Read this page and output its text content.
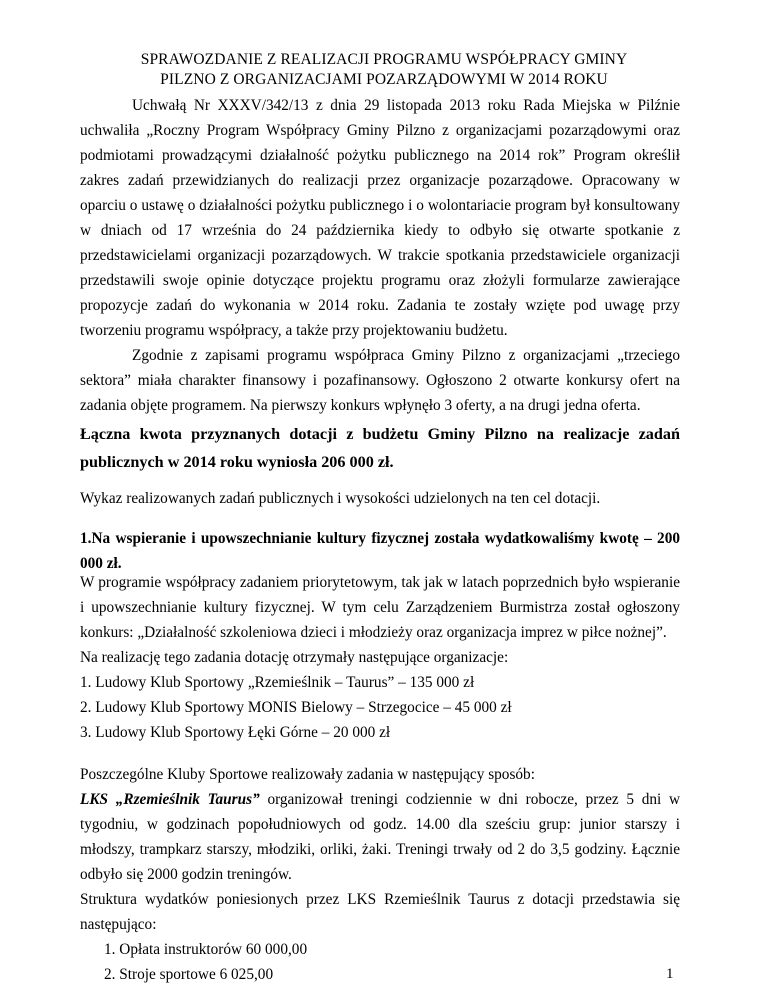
SPRAWOZDANIE Z REALIZACJI PROGRAMU WSPÓŁPRACY GMINY
PILZNO Z ORGANIZACJAMI POZARZĄDOWYMI W 2014 ROKU
Uchwałą Nr XXXV/342/13 z dnia 29 listopada 2013 roku Rada Miejska w Pilźnie uchwaliła „Roczny Program Współpracy Gminy Pilzno z organizacjami pozarządowymi oraz podmiotami prowadzącymi działalność pożytku publicznego na 2014 rok” Program określił zakres zadań przewidzianych do realizacji przez organizacje pozarządowe. Opracowany w oparciu o ustawę o działalności pożytku publicznego i o wolontariacie program był konsultowany w dniach od 17 września do 24 października kiedy to odbyło się otwarte spotkanie z przedstawicielami organizacji pozarządowych. W trakcie spotkania przedstawiciele organizacji przedstawili swoje opinie dotyczące projektu programu oraz złożyli formularze zawierające propozycje zadań do wykonania w 2014 roku. Zadania te zostały wzięte pod uwagę przy tworzeniu programu współpracy, a także przy projektowaniu budżetu.
Zgodnie z zapisami programu współpraca Gminy Pilzno z organizacjami „trzeciego sektora” miała charakter finansowy i pozafinansowy. Ogłoszono 2 otwarte konkursy ofert na zadania objęte programem. Na pierwszy konkurs wpłynęło 3 oferty, a na drugi jedna oferta.
Łączna kwota przyznanych dotacji z budżetu Gminy Pilzno na realizacje zadań publicznych w 2014 roku wyniosła 206 000 zł.
Wykaz realizowanych zadań publicznych i wysokości udzielonych na ten cel dotacji.
1.Na wspieranie i upowszechnianie kultury fizycznej została wydatkowaliśmy kwotę – 200 000 zł.
W programie współpracy zadaniem priorytetowym, tak jak w latach poprzednich było wspieranie i upowszechnianie kultury fizycznej. W tym celu Zarządzeniem Burmistrza został ogłoszony konkurs: „Działalność szkoleniowa dzieci i młodzieży oraz organizacja imprez w piłce nożnej”.
Na realizację tego zadania dotację otrzymały następujące organizacje:
1. Ludowy Klub Sportowy „Rzemieślnik – Taurus” – 135 000 zł
2. Ludowy Klub Sportowy MONIS Bielowy – Strzegocice – 45 000 zł
3. Ludowy Klub Sportowy Łęki Górne – 20 000 zł
Poszczególne Kluby Sportowe realizowały zadania w następujący sposób:
LKS „Rzemieślnik Taurus” organizował treningi codziennie w dni robocze, przez 5 dni w tygodniu, w godzinach popołudniowych od godz. 14.00 dla sześciu grup: junior starszy i młodszy, trampkarz starszy, młodziki, orliki, żaki. Treningi trwały od 2 do 3,5 godziny. Łącznie odbyło się 2000 godzin treningów.
Struktura wydatków poniesionych przez LKS Rzemieślnik Taurus z dotacji przedstawia się następująco:
1. Opłata instruktorów 60 000,00
2. Stroje sportowe 6 025,00	1
